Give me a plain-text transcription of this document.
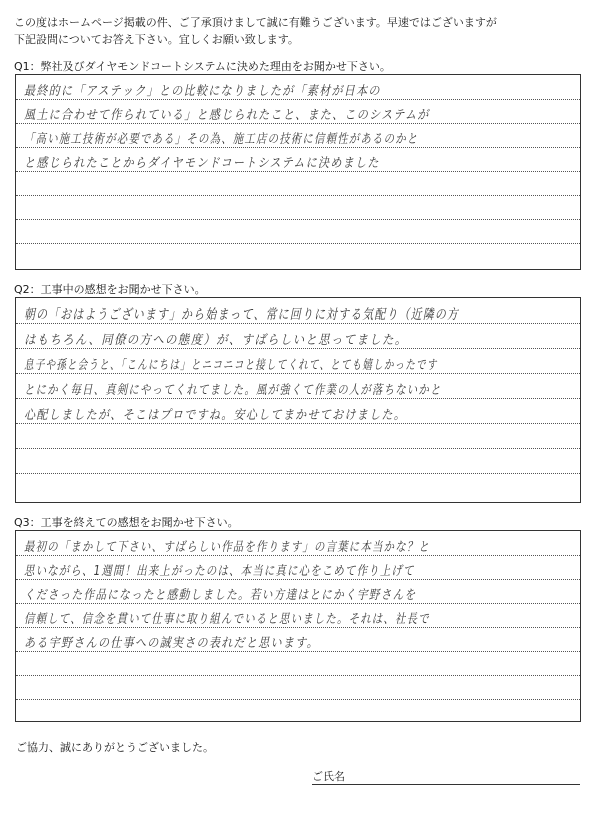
この度はホームページ掲載の件、ご了承頂けまして誠に有難うございます。早速ではございますが
下記設問についてお答え下さい。宜しくお願い致します。
Q1：弊社及びダイヤモンドコートシステムに決めた理由をお聞かせ下さい。
最終的に「アステック」との比較になりましたが「素材が日本の
風土に合わせて作られている」と感じられたこと、また、このシステムが
「高い施工技術が必要である」その為、施工店の技術に信頼性があるのかと
と感じられたことからダイヤモンドコートシステムに決めました
Q2：工事中の感想をお聞かせ下さい。
朝の「おはようございます」から始まって、常に回りに対する気配り（近隣の方
はもちろん、同僚の方への態度）が、すばらしいと思ってました。
息子や孫と会うと、「こんにちは」とニコニコと接してくれて、とても嬉しかったです
とにかく毎日、真剣にやってくれてました。風が強くて作業の人が落ちないかと
心配しましたが、そこはプロですね。安心してまかせておけました。
Q3：工事を終えての感想をお聞かせ下さい。
最初の「まかして下さい、すばらしい作品を作ります」の言葉に本当かな？と
思いながら、1週間！出来上がったのは、本当に真に心をこめて作り上げて
くださった作品になったと感動しました。若い方達はとにかく宇野さんを
信頼して、信念を貫いて仕事に取り組んでいると思いました。それは、社長で
ある宇野さんの仕事への誠実さの表れだと思います。
ご協力、誠にありがとうございました。
ご氏名
